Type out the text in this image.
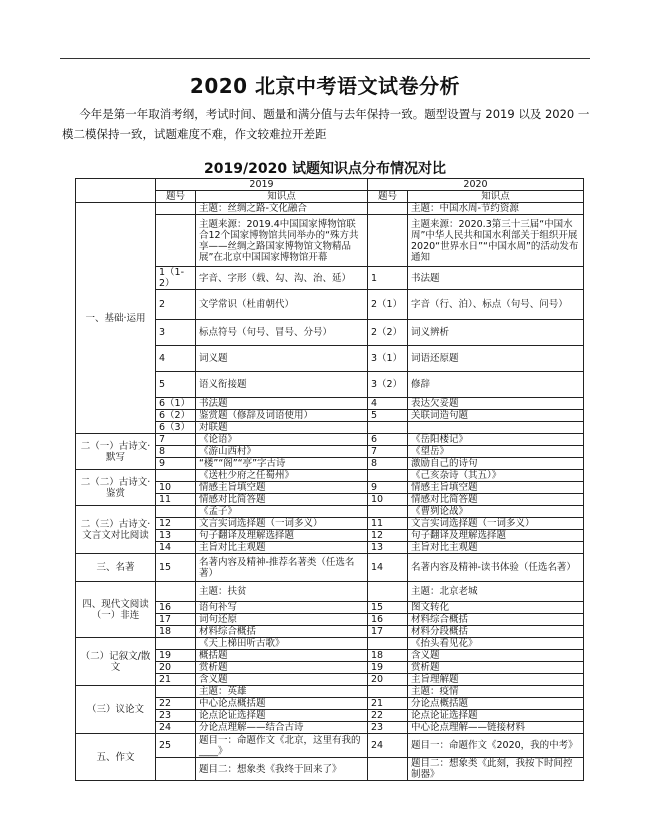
2020 北京中考语文试卷分析
今年是第一年取消考纲，考试时间、题量和满分值与去年保持一致。题型设置与 2019 以及 2020 一模二模保持一致，试题难度不难，作文较难拉开差距
2019/2020 试题知识点分布情况对比
	2019		2020	
	题号	知识点	题号	知识点
一、基础·运用		主题：丝绸之路-文化融合		主题：中国水周-节约资源
		主题来源：2019.4中国国家博物馆联合12个国家博物馆共同举办的“殊方共享——丝绸之路国家博物馆文物精品展”在北京中国国家博物馆开幕		主题来源：2020.3第三十三届“中国水周”中华人民共和国水利部关于组织开展2020“世界水日”“中国水周”的活动发布通知
	1（1-2）	字音、字形（载、勾、沟、治、延）	1	书法题
	2	文学常识（杜甫朝代）	2（1）	字音（行、泊）、标点（句号、问号）
	3	标点符号（句号、冒号、分号）	2（2）	词义辨析
	4	词义题	3（1）	词语还原题
	5	语义衔接题	3（2）	修辞
	6（1）	书法题	4	表达欠妥题
	6（2）	鉴赏题（修辞及词语使用）	5	关联词造句题
	6（3）	对联题		
二（一）古诗文·默写	7	《论语》	6	《岳阳楼记》
	8	《游山西村》	7	《望岳》
	9	“楼”“阁”“亭”字古诗	8	激励自己的诗句
二（二）古诗文·鉴赏		《送杜少府之任蜀州》		《己亥杂诗（其五）》
	10	情感主旨填空题	9	情感主旨填空题
	11	情感对比简答题	10	情感对比简答题
二（三）古诗文·文言文对比阅读		《孟子》		《曹刿论战》
	12	文言实词选择题（一词多义）	11	文言实词选择题（一词多义）
	13	句子翻译及理解选择题	12	句子翻译及理解选择题
	14	主旨对比主观题	13	主旨对比主观题
三、名著	15	名著内容及精神-推荐名著类（任选名著）	14	名著内容及精神-读书体验（任选名著）
四、现代文阅读（一）非连		主题：扶贫		主题：北京老城
	16	语句补写	15	图文转化
	17	词句还原	16	材料综合概括
	18	材料综合概括	17	材料分段概括
（二）记叙文/散文		《天上梯田听古歌》		《抬头看见花》
	19	概括题	18	含义题
	20	赏析题	19	赏析题
	21	含义题	20	主旨理解题
（三）议论文		主题：英雄		主题：疫情
	22	中心论点概括题	21	分论点概括题
	23	论点论证选择题	22	论点论证选择题
	24	分论点理解——结合古诗	23	中心论点理解——链接材料
五、作文	25	题目一：命题作文《北京，这里有我的____》	24	题目一：命题作文《2020，我的中考》
		题目二：想象类《我终于回来了》		题目二：想象类《此刻，我按下时间控制器》
